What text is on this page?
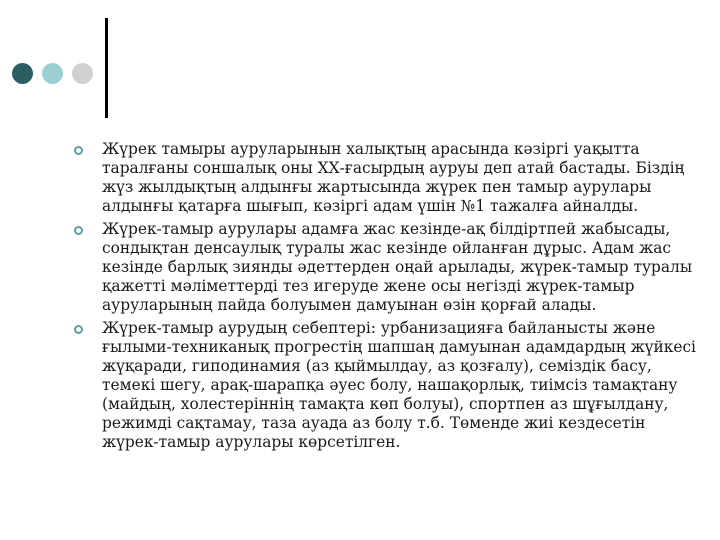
Жүрек тамыры ауруларынын халықтың арасында кәзіргі уақытта таралғаны соншалық оны ХХ-ғасырдың ауруы деп атай бастады. Біздің жүз жылдықтың алдынғы жартысында жүрек пен тамыр аурулары алдынғы қатарға шығып, кәзіргі адам үшін №1 тажалға айналды.
Жүрек-тамыр аурулары адамға жас кезінде-ақ білдіртпей жабысады, сондықтан денсаулық туралы жас кезінде ойланған дұрыс. Адам жас кезінде барлық зиянды әдеттерден оңай арылады, жүрек-тамыр туралы қажетті мәліметтерді тез игеруде жене осы негізді жүрек-тамыр ауруларының пайда болуымен дамуынан өзін қорғай алады.
Жүрек-тамыр аурудың себептері: урбанизацияға байланысты және ғылыми-техниканық прогрестің шапшаң дамуынан адамдардың жүйкесі жүқаради, гиподинамия (аз қыймылдау, аз қозғалу), семіздік басу, темекі шегу, арақ-шарапқа әуес болу, нашақорлық, тиімсіз тамақтану (майдың, холестеріннің тамақта көп болуы), спортпен аз шұғылдану, режимді сақтамау, таза ауада аз болу т.б. Төменде жиі кездесетін жүрек-тамыр аурулары көрсетілген.
